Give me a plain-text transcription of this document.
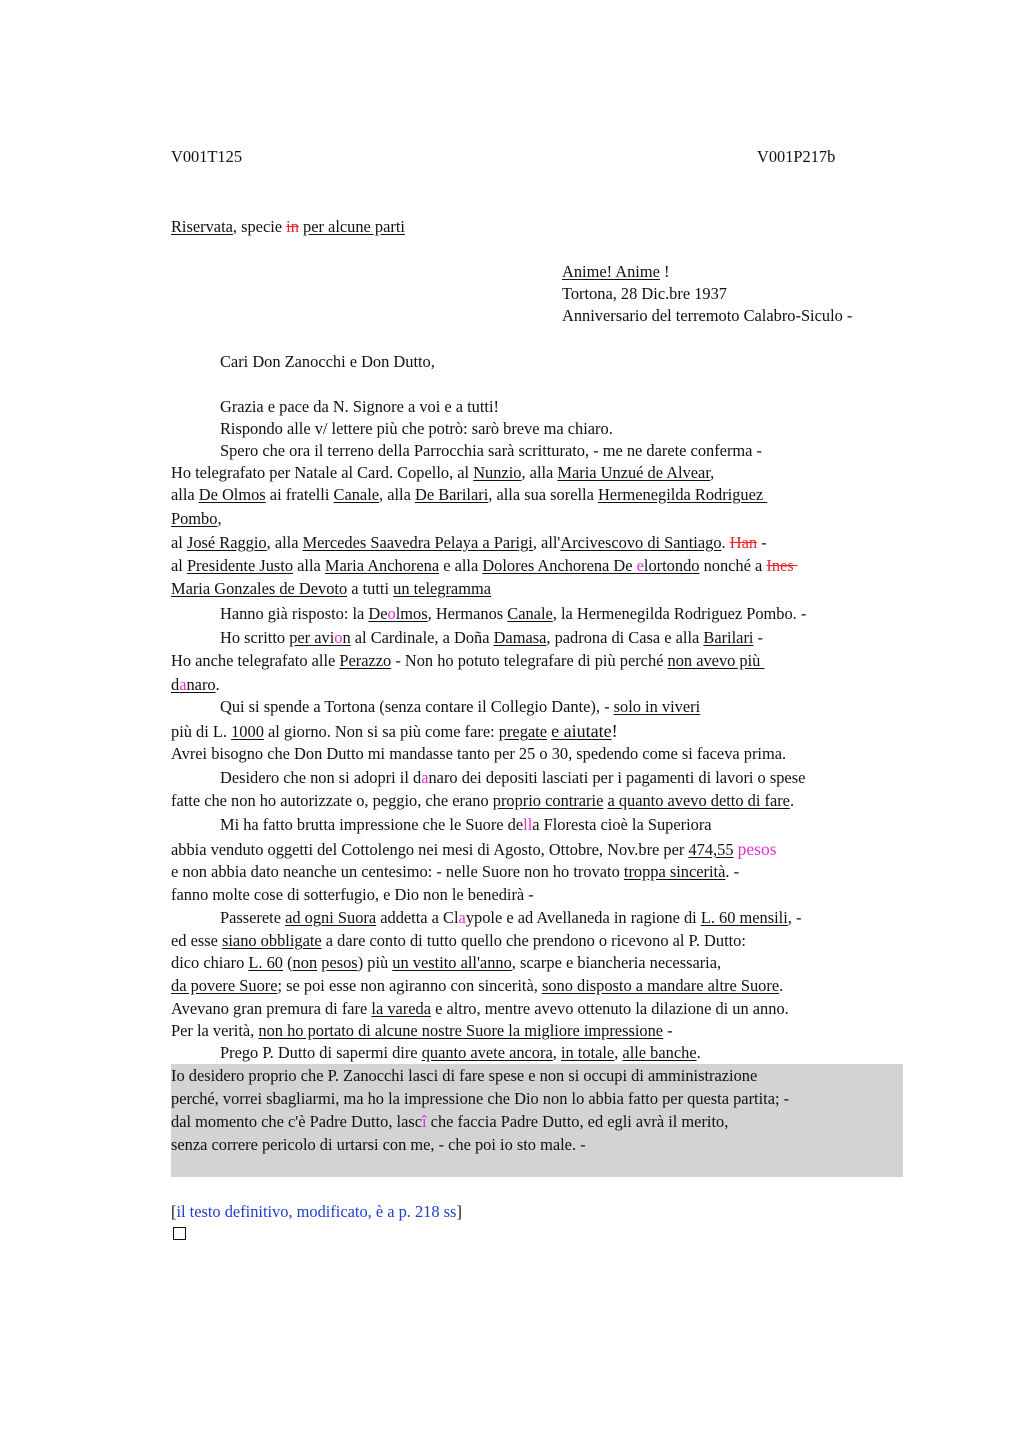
V001T125	V001P217b
Riservata, specie in per alcune parti
Anime! Anime !
Tortona, 28 Dic.bre 1937
Anniversario del terremoto Calabro-Siculo -
Cari Don Zanocchi e Don Dutto,
Grazia e pace da N. Signore a voi e a tutti!
Rispondo alle v/ lettere più che potrò: sarò breve ma chiaro.
Spero che ora il terreno della Parrocchia sarà scritturato, - me ne darete conferma -
Ho telegrafato per Natale al Card. Copello, al Nunzio, alla Maria Unzué de Alvear,
alla De Olmos ai fratelli Canale, alla De Barilari, alla sua sorella Hermenegilda Rodriguez
Pombo,
al José Raggio, alla Mercedes Saavedra Pelaya a Parigi, all'Arcivescovo di Santiago. Han -
al Presidente Justo alla Maria Anchorena e alla Dolores Anchorena De elortondo nonché a Ines
Maria Gonzales de Devoto a tutti un telegramma
Hanno già risposto: la Deolmos, Hermanos Canale, la Hermenegilda Rodriguez Pombo. -
Ho scritto per avion al Cardinale, a Doña Damasa, padrona di Casa e alla Barilari -
Ho anche telegrafato alle Perazzo - Non ho potuto telegrafare di più perché non avevo più
danaro.
Qui si spende a Tortona (senza contare il Collegio Dante), - solo in viveri
più di L. 1000 al giorno. Non si sa più come fare: pregate e aiutate!
Avrei bisogno che Don Dutto mi mandasse tanto per 25 o 30, spedendo come si faceva prima.
Desidero che non si adopri il danaro dei depositi lasciati per i pagamenti di lavori o spese
fatte che non ho autorizzate o, peggio, che erano proprio contrarie a quanto avevo detto di fare.
Mi ha fatto brutta impressione che le Suore della Floresta cioè la Superiora
abbia venduto oggetti del Cottolengo nei mesi di Agosto, Ottobre, Nov.bre per 474,55 pesos
e non abbia dato neanche un centesimo: - nelle Suore non ho trovato troppa sincerità. -
fanno molte cose di sotterfugio, e Dio non le benedirà -
Passerete ad ogni Suora addetta a Claypole e ad Avellaneda in ragione di L. 60 mensili, -
ed esse siano obbligate a dare conto di tutto quello che prendono o ricevono al P. Dutto:
dico chiaro L. 60 (non pesos) più un vestito all'anno, scarpe e biancheria necessaria,
da povere Suore; se poi esse non agiranno con sincerità, sono disposto a mandare altre Suore.
Avevano gran premura di fare la vareda e altro, mentre avevo ottenuto la dilazione di un anno.
Per la verità, non ho portato di alcune nostre Suore la migliore impressione -
Prego P. Dutto di sapermi dire quanto avete ancora, in totale, alle banche.
Io desidero proprio che P. Zanocchi lasci di fare spese e non si occupi di amministrazione
perché, vorrei sbagliarmi, ma ho la impressione che Dio non lo abbia fatto per questa partita; -
dal momento che c'è Padre Dutto, lascî che faccia Padre Dutto, ed egli avrà il merito,
senza correre pericolo di urtarsi con me, - che poi io sto male. -
[il testo definitivo, modificato, è a p. 218 ss]
